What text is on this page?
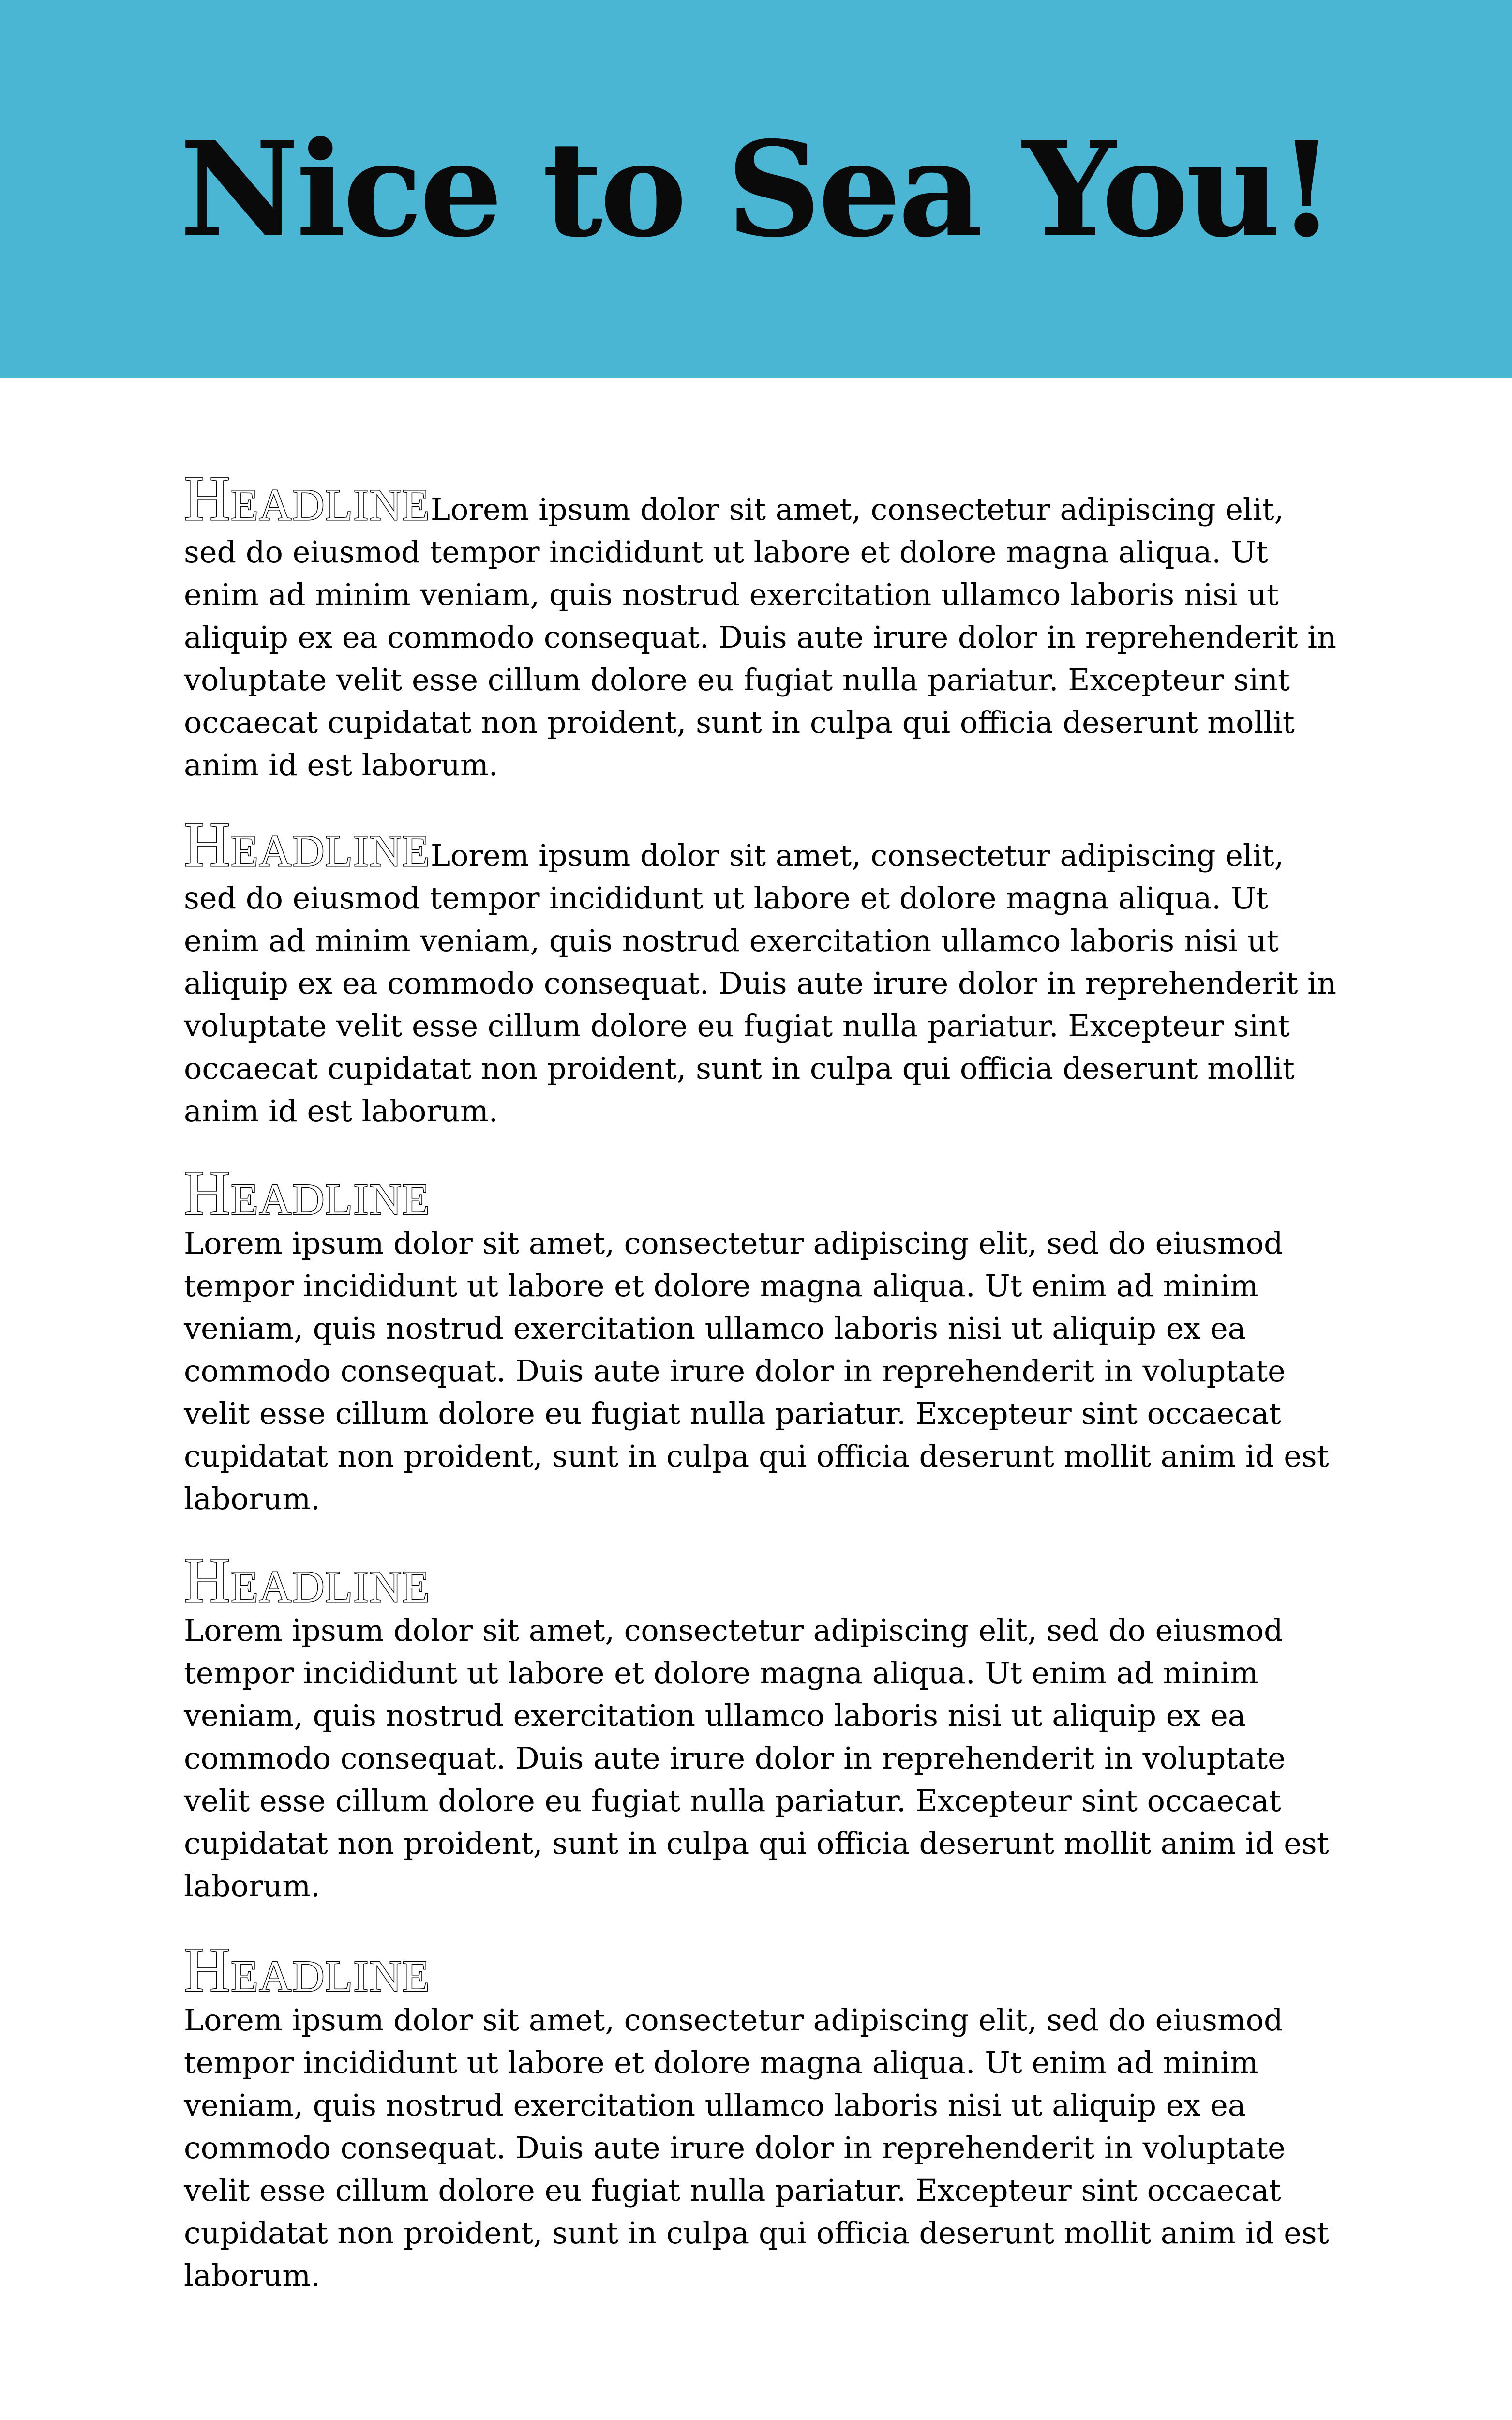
Nice to Sea You!

HeadlineLorem ipsum dolor sit amet, consectetur adipiscing elit, sed do eiusmod tempor incididunt ut labore et dolore magna aliqua. Ut enim ad minim veniam, quis nostrud exercitation ullamco laboris nisi ut aliquip ex ea commodo consequat. Duis aute irure dolor in reprehenderit in voluptate velit esse cillum dolore eu fugiat nulla pariatur. Excepteur sint occaecat cupidatat non proident, sunt in culpa qui officia deserunt mollit anim id est laborum.

HeadlineLorem ipsum dolor sit amet, consectetur adipiscing elit, sed do eiusmod tempor incididunt ut labore et dolore magna aliqua. Ut enim ad minim veniam, quis nostrud exercitation ullamco laboris nisi ut aliquip ex ea commodo consequat. Duis aute irure dolor in reprehenderit in voluptate velit esse cillum dolore eu fugiat nulla pariatur. Excepteur sint occaecat cupidatat non proident, sunt in culpa qui officia deserunt mollit anim id est laborum.

Headline
Lorem ipsum dolor sit amet, consectetur adipiscing elit, sed do eiusmod tempor incididunt ut labore et dolore magna aliqua. Ut enim ad minim veniam, quis nostrud exercitation ullamco laboris nisi ut aliquip ex ea commodo consequat. Duis aute irure dolor in reprehenderit in voluptate velit esse cillum dolore eu fugiat nulla pariatur. Excepteur sint occaecat cupidatat non proident, sunt in culpa qui officia deserunt mollit anim id est laborum.

Headline
Lorem ipsum dolor sit amet, consectetur adipiscing elit, sed do eiusmod tempor incididunt ut labore et dolore magna aliqua. Ut enim ad minim veniam, quis nostrud exercitation ullamco laboris nisi ut aliquip ex ea commodo consequat. Duis aute irure dolor in reprehenderit in voluptate velit esse cillum dolore eu fugiat nulla pariatur. Excepteur sint occaecat cupidatat non proident, sunt in culpa qui officia deserunt mollit anim id est laborum.

Headline
Lorem ipsum dolor sit amet, consectetur adipiscing elit, sed do eiusmod tempor incididunt ut labore et dolore magna aliqua. Ut enim ad minim veniam, quis nostrud exercitation ullamco laboris nisi ut aliquip ex ea commodo consequat. Duis aute irure dolor in reprehenderit in voluptate velit esse cillum dolore eu fugiat nulla pariatur. Excepteur sint occaecat cupidatat non proident, sunt in culpa qui officia deserunt mollit anim id est laborum.
